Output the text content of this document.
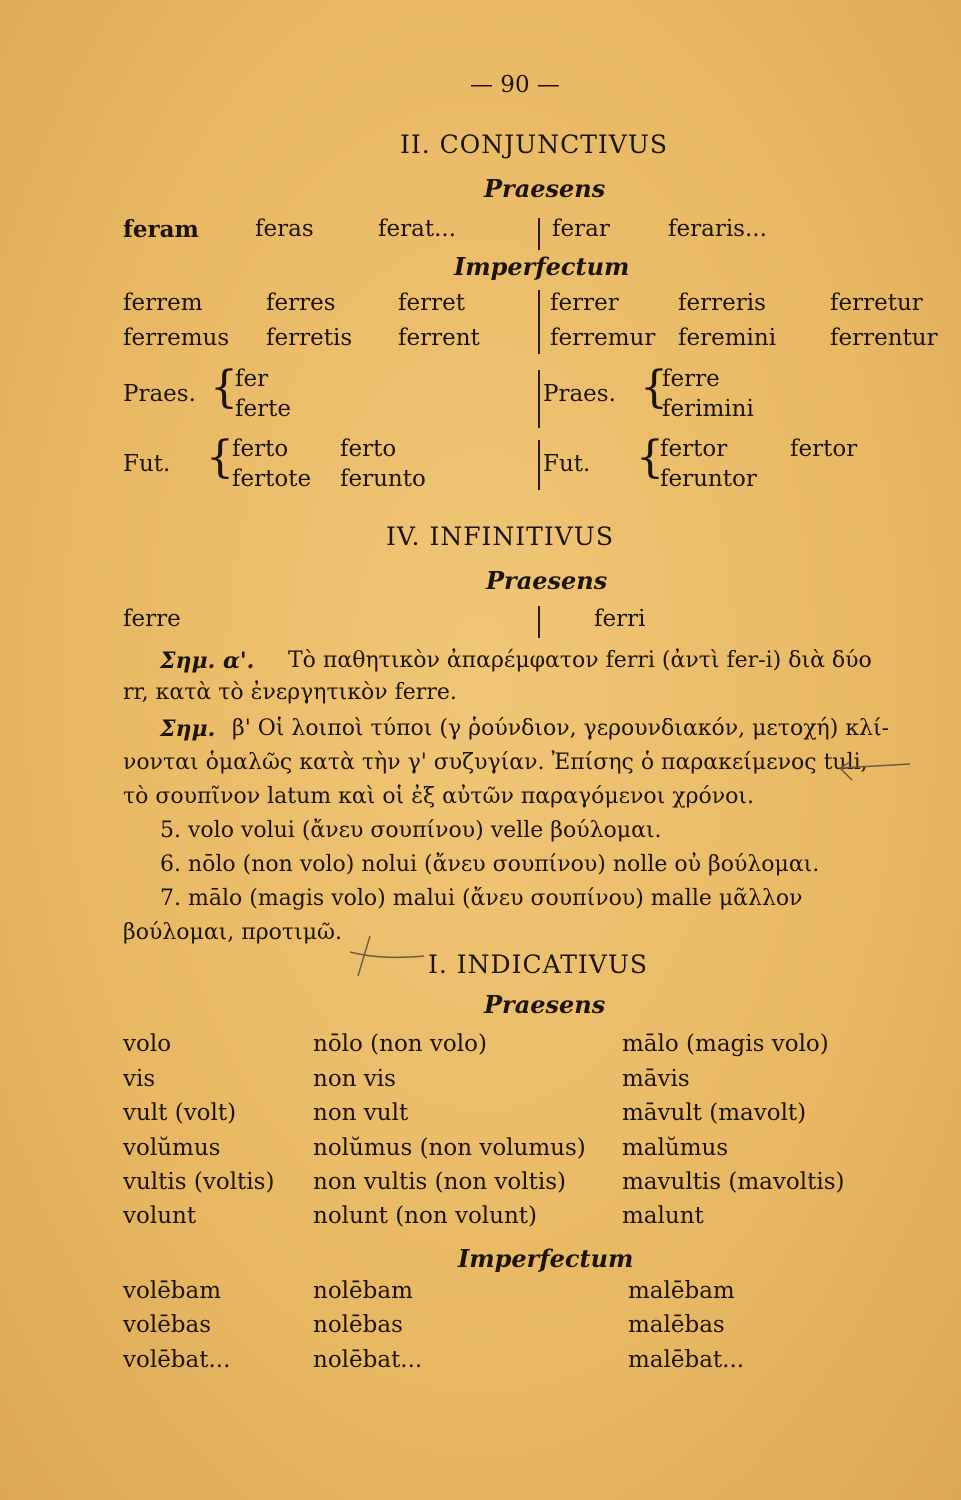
— 90 —
II. CONJUNCTIVUS
Praesens
feram feras	ferat...	ferar	feraris...
Imperfectum
ferrem	ferres	ferret	ferrer	ferreris	ferretur
ferremus ferretis ferrent	ferremur feremini ferrentur
Praes. {
fer
ferte
Praes. {
ferre
ferimini
Fut. {
ferto ferto
fertote ferunto
Fut. {
fertor	fertor
feruntor
IV. INFINITIVUS
Praesens
ferre	ferri
Σημ. α'. Τὸ παθητικὸν ἀπαρέμφατον ferri (ἀντὶ fer-i) διὰ δύο
rr, κατὰ τὸ ἐνεργητικὸν ferre.
Σημ. β' Οἱ λοιποὶ τύποι (γ ῥούνδιον, γερουνδιακόν, μετοχή) κλί-
νονται ὁμαλῶς κατὰ τὴν γ' συζυγίαν. Ἐπίσης ὁ παρακείμενος tuli,
τὸ σουπῖνον latum καὶ οἱ ἐξ αὐτῶν παραγόμενοι χρόνοι.
5. volo volui (ἄνευ σουπίνου) velle βούλομαι.
6. nōlo (non volo) nolui (ἄνευ σουπίνου) nolle οὐ βούλομαι.
7. mālo (magis volo) malui (ἄνευ σουπίνου) malle μᾶλλον
βούλομαι, προτιμῶ.
I. INDICATIVUS
Praesens
volo	nōlo (non volo)	mālo (magis volo)
vis	non vis	māvis
vult (volt)	non vult	māvult (mavolt)
volŭmus	nolŭmus (non volumus) malŭmus
vultis (voltis) non vultis (non voltis) mavultis (mavoltis)
volunt	nolunt (non volunt)	malunt
Imperfectum
volēbam	nolēbam	malēbam
volēbas	nolēbas	malēbas
volēbat...	nolēbat...	malēbat...
